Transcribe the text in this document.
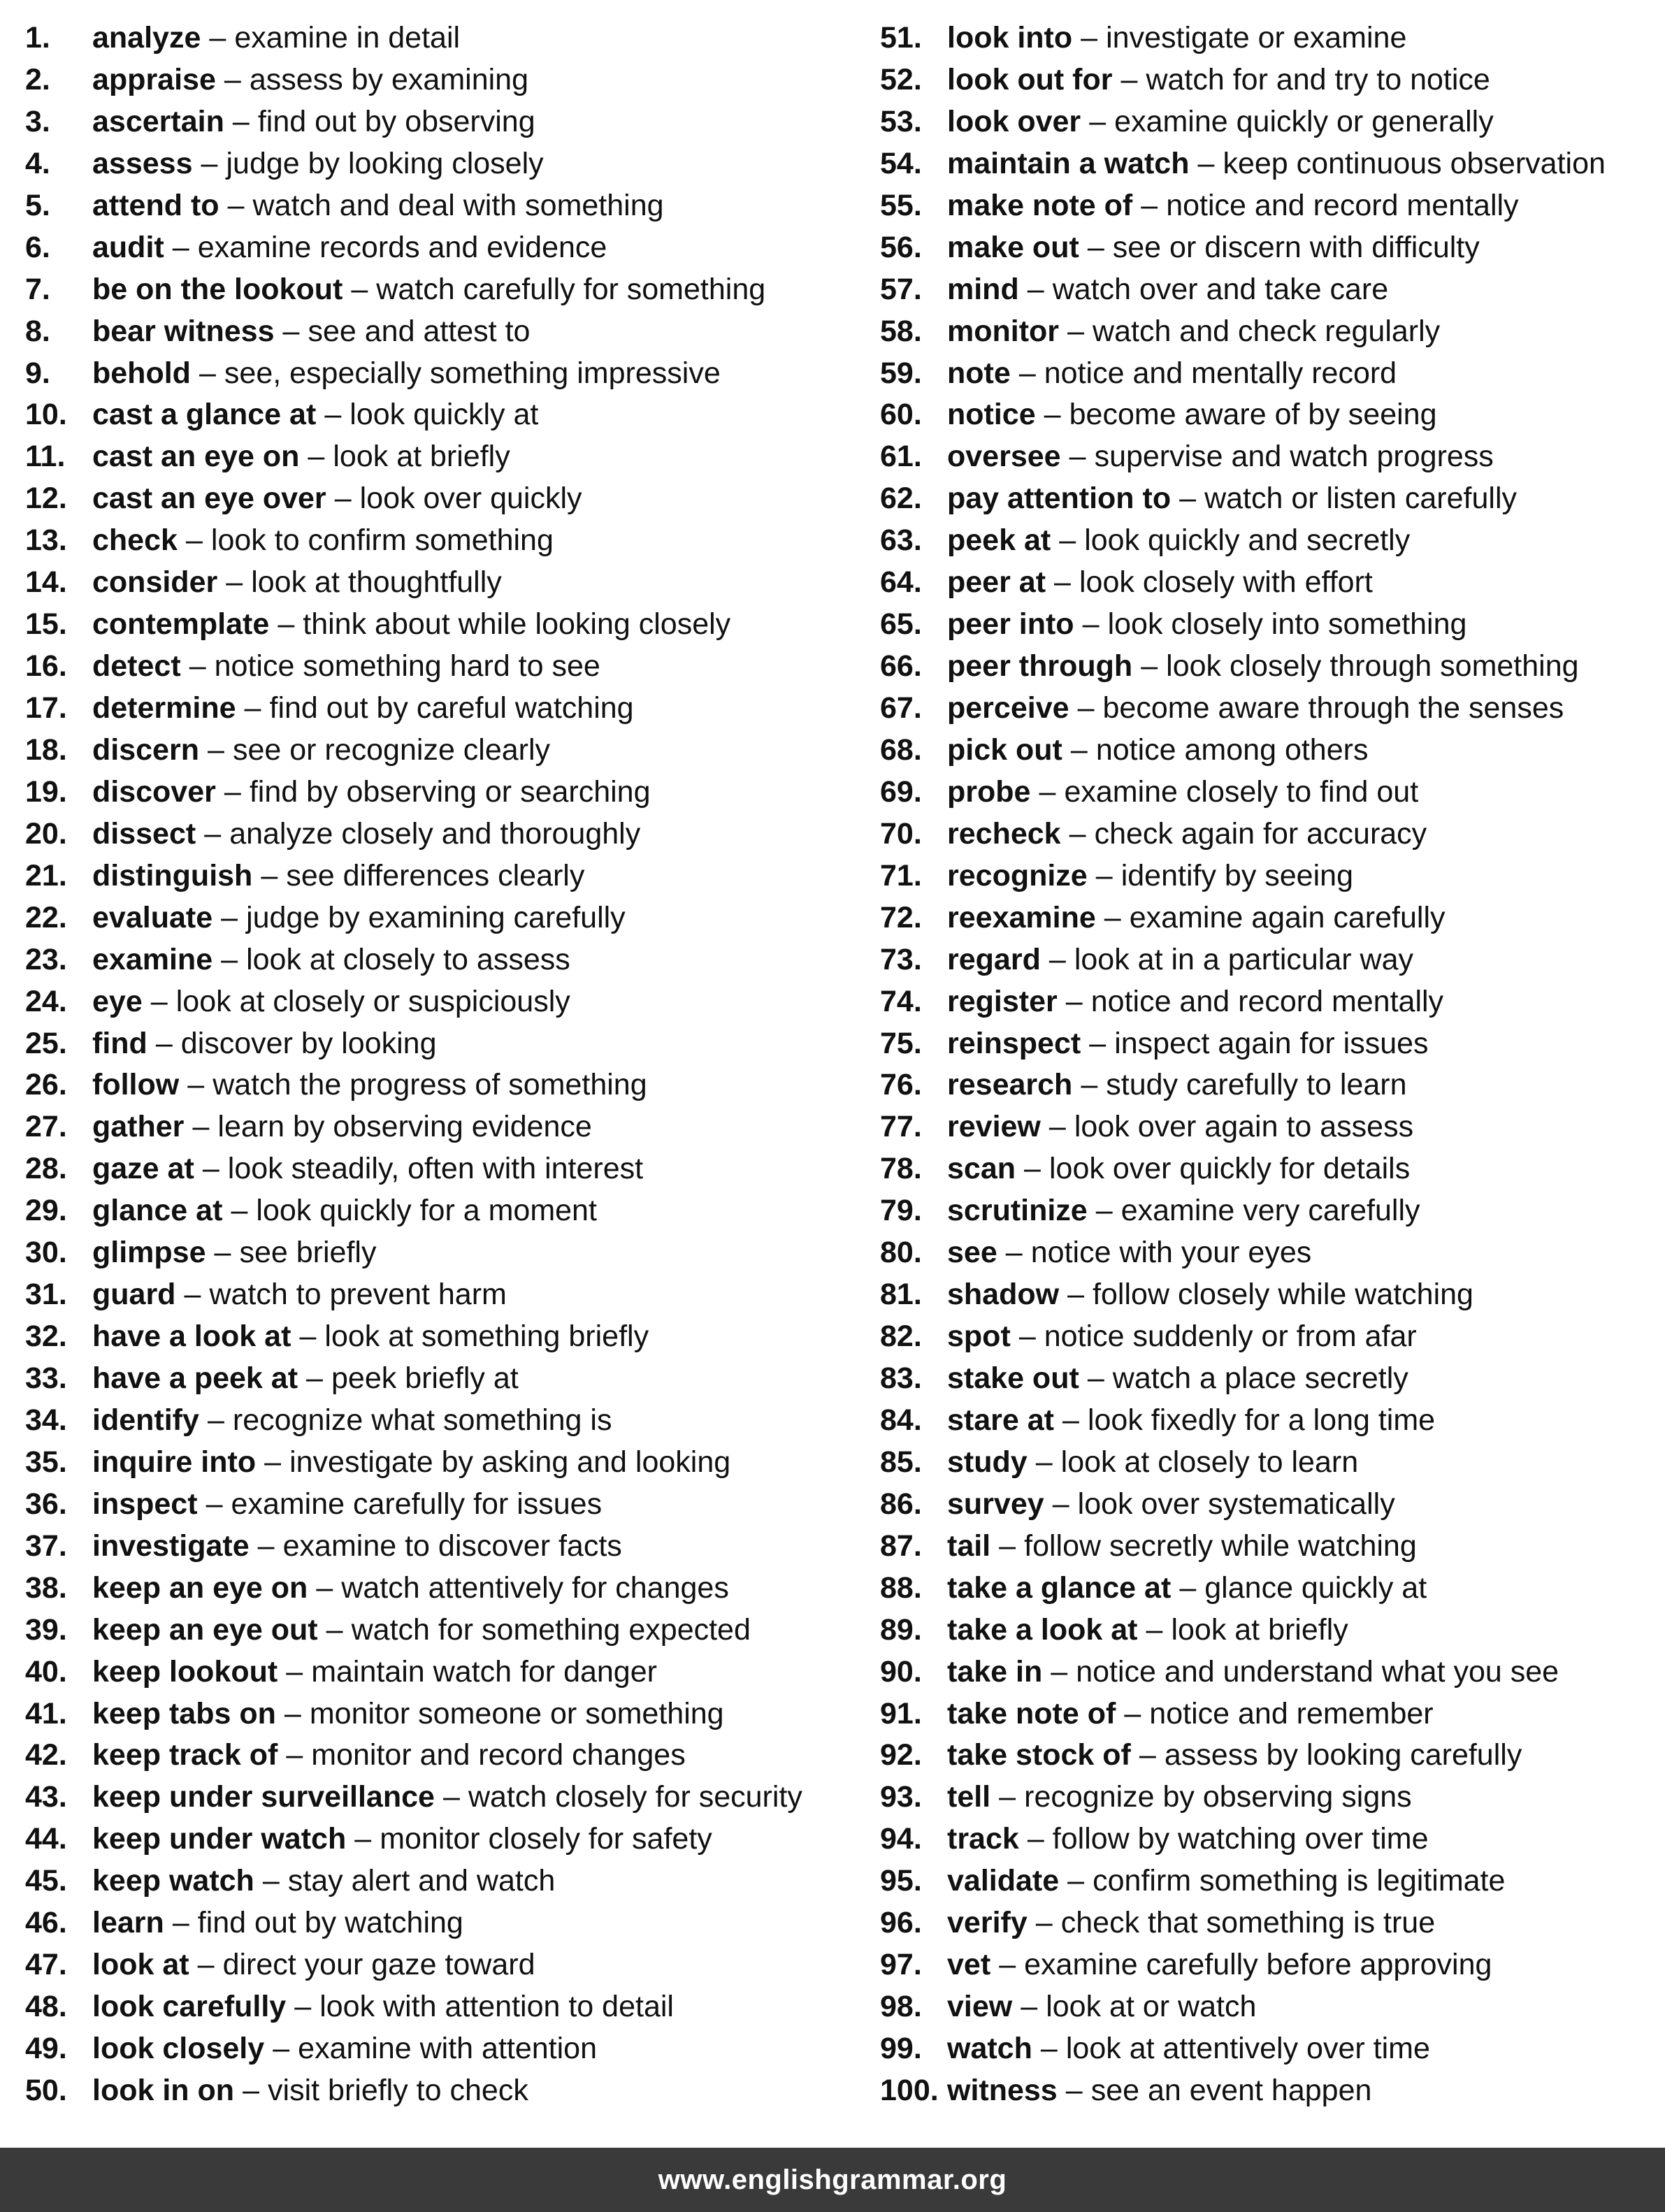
1.	analyze – examine in detail
2.	appraise – assess by examining
3.	ascertain – find out by observing
4.	assess – judge by looking closely
5.	attend to – watch and deal with something
6.	audit – examine records and evidence
7.	be on the lookout – watch carefully for something
8.	bear witness – see and attest to
9.	behold – see, especially something impressive
10. cast a glance at – look quickly at
11. cast an eye on – look at briefly
12. cast an eye over – look over quickly
13. check – look to confirm something
14. consider – look at thoughtfully
15. contemplate – think about while looking closely
16. detect – notice something hard to see
17. determine – find out by careful watching
18. discern – see or recognize clearly
19. discover – find by observing or searching
20. dissect – analyze closely and thoroughly
21. distinguish – see differences clearly
22. evaluate – judge by examining carefully
23. examine – look at closely to assess
24. eye – look at closely or suspiciously
25. find – discover by looking
26. follow – watch the progress of something
27. gather – learn by observing evidence
28. gaze at – look steadily, often with interest
29. glance at – look quickly for a moment
30. glimpse – see briefly
31. guard – watch to prevent harm
32. have a look at – look at something briefly
33. have a peek at – peek briefly at
34. identify – recognize what something is
35. inquire into – investigate by asking and looking
36. inspect – examine carefully for issues
37. investigate – examine to discover facts
38. keep an eye on – watch attentively for changes
39. keep an eye out – watch for something expected
40. keep lookout – maintain watch for danger
41. keep tabs on – monitor someone or something
42. keep track of – monitor and record changes
43. keep under surveillance – watch closely for security
44. keep under watch – monitor closely for safety
45. keep watch – stay alert and watch
46. learn – find out by watching
47. look at – direct your gaze toward
48. look carefully – look with attention to detail
49. look closely – examine with attention
50. look in on – visit briefly to check
51. look into – investigate or examine
52. look out for – watch for and try to notice
53. look over – examine quickly or generally
54. maintain a watch – keep continuous observation
55. make note of – notice and record mentally
56. make out – see or discern with difficulty
57. mind – watch over and take care
58. monitor – watch and check regularly
59. note – notice and mentally record
60. notice – become aware of by seeing
61. oversee – supervise and watch progress
62. pay attention to – watch or listen carefully
63. peek at – look quickly and secretly
64. peer at – look closely with effort
65. peer into – look closely into something
66. peer through – look closely through something
67. perceive – become aware through the senses
68. pick out – notice among others
69. probe – examine closely to find out
70. recheck – check again for accuracy
71. recognize – identify by seeing
72. reexamine – examine again carefully
73. regard – look at in a particular way
74. register – notice and record mentally
75. reinspect – inspect again for issues
76. research – study carefully to learn
77. review – look over again to assess
78. scan – look over quickly for details
79. scrutinize – examine very carefully
80. see – notice with your eyes
81. shadow – follow closely while watching
82. spot – notice suddenly or from afar
83. stake out – watch a place secretly
84. stare at – look fixedly for a long time
85. study – look at closely to learn
86. survey – look over systematically
87. tail – follow secretly while watching
88. take a glance at – glance quickly at
89. take a look at – look at briefly
90. take in – notice and understand what you see
91. take note of – notice and remember
92. take stock of – assess by looking carefully
93. tell – recognize by observing signs
94. track – follow by watching over time
95. validate – confirm something is legitimate
96. verify – check that something is true
97. vet – examine carefully before approving
98. view – look at or watch
99. watch – look at attentively over time
100. witness – see an event happen
www.englishgrammar.org
